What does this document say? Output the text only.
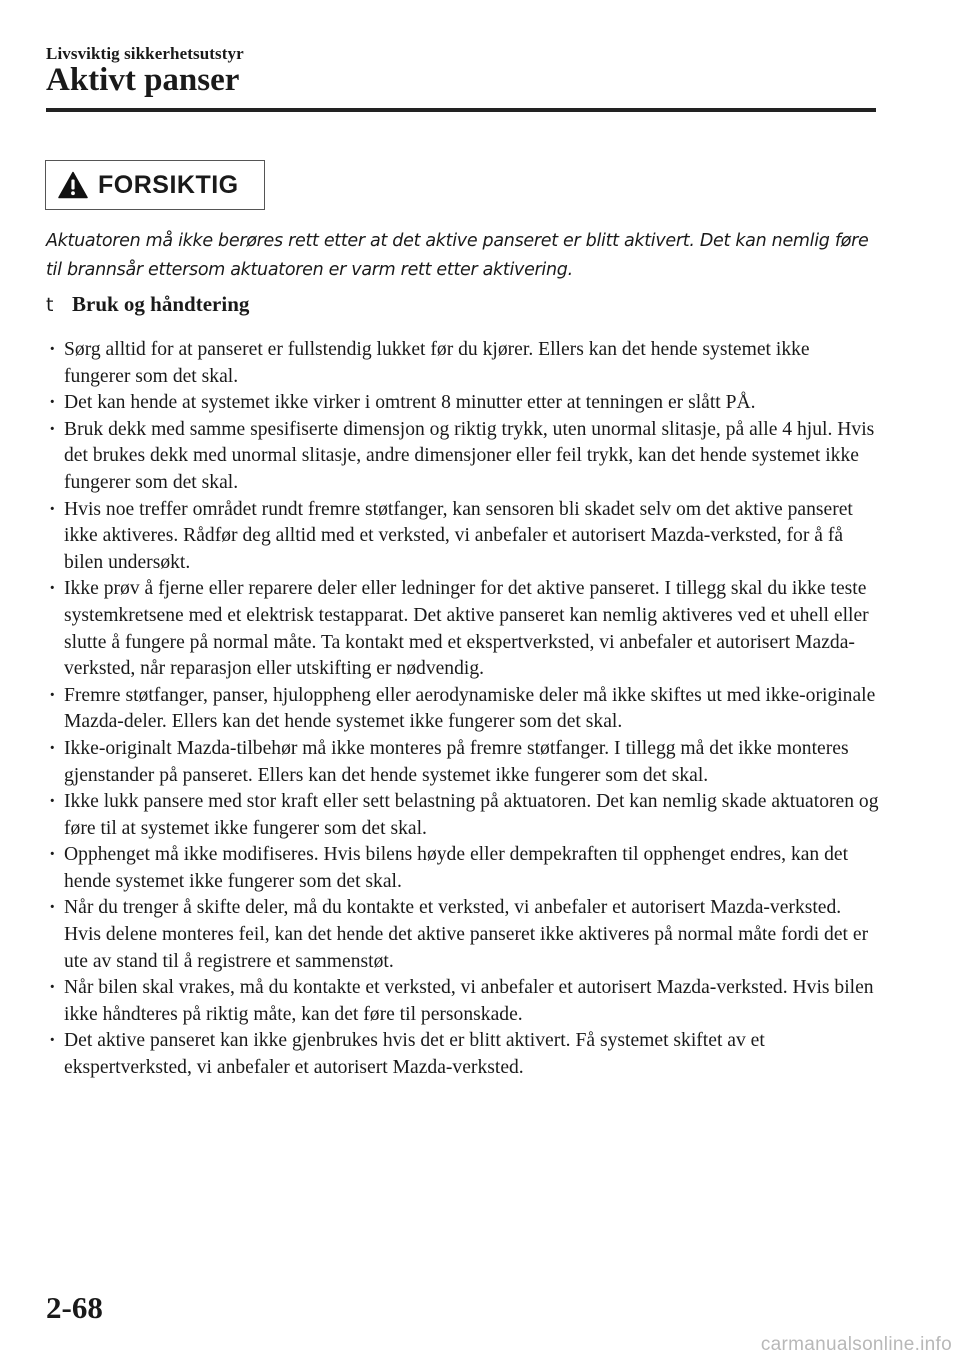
Livsviktig sikkerhetsutstyr
Aktivt panser
FORSIKTIG

Aktuatoren må ikke berøres rett etter at det aktive panseret er blitt aktivert. Det kan nemlig føre til brannsår ettersom aktuatoren er varm rett etter aktivering.

t Bruk og håndtering
· Sørg alltid for at panseret er fullstendig lukket før du kjører. Ellers kan det hende systemet ikke fungerer som det skal.
· Det kan hende at systemet ikke virker i omtrent 8 minutter etter at tenningen er slått PÅ.
· Bruk dekk med samme spesifiserte dimensjon og riktig trykk, uten unormal slitasje, på alle 4 hjul. Hvis det brukes dekk med unormal slitasje, andre dimensjoner eller feil trykk, kan det hende systemet ikke fungerer som det skal.
· Hvis noe treffer området rundt fremre støtfanger, kan sensoren bli skadet selv om det aktive panseret ikke aktiveres. Rådfør deg alltid med et verksted, vi anbefaler et autorisert Mazda-verksted, for å få bilen undersøkt.
· Ikke prøv å fjerne eller reparere deler eller ledninger for det aktive panseret. I tillegg skal du ikke teste systemkretsene med et elektrisk testapparat. Det aktive panseret kan nemlig aktiveres ved et uhell eller slutte å fungere på normal måte. Ta kontakt med et ekspertverksted, vi anbefaler et autorisert Mazda-verksted, når reparasjon eller utskifting er nødvendig.
· Fremre støtfanger, panser, hjuloppheng eller aerodynamiske deler må ikke skiftes ut med ikke-originale Mazda-deler. Ellers kan det hende systemet ikke fungerer som det skal.
· Ikke-originalt Mazda-tilbehør må ikke monteres på fremre støtfanger. I tillegg må det ikke monteres gjenstander på panseret. Ellers kan det hende systemet ikke fungerer som det skal.
· Ikke lukk pansere med stor kraft eller sett belastning på aktuatoren. Det kan nemlig skade aktuatoren og føre til at systemet ikke fungerer som det skal.
· Opphenget må ikke modifiseres. Hvis bilens høyde eller dempekraften til opphenget endres, kan det hende systemet ikke fungerer som det skal.
· Når du trenger å skifte deler, må du kontakte et verksted, vi anbefaler et autorisert Mazda-verksted. Hvis delene monteres feil, kan det hende det aktive panseret ikke aktiveres på normal måte fordi det er ute av stand til å registrere et sammenstøt.
· Når bilen skal vrakes, må du kontakte et verksted, vi anbefaler et autorisert Mazda-verksted. Hvis bilen ikke håndteres på riktig måte, kan det føre til personskade.
· Det aktive panseret kan ikke gjenbrukes hvis det er blitt aktivert. Få systemet skiftet av et ekspertverksted, vi anbefaler et autorisert Mazda-verksted.
2-68
carmanualsonline.info
